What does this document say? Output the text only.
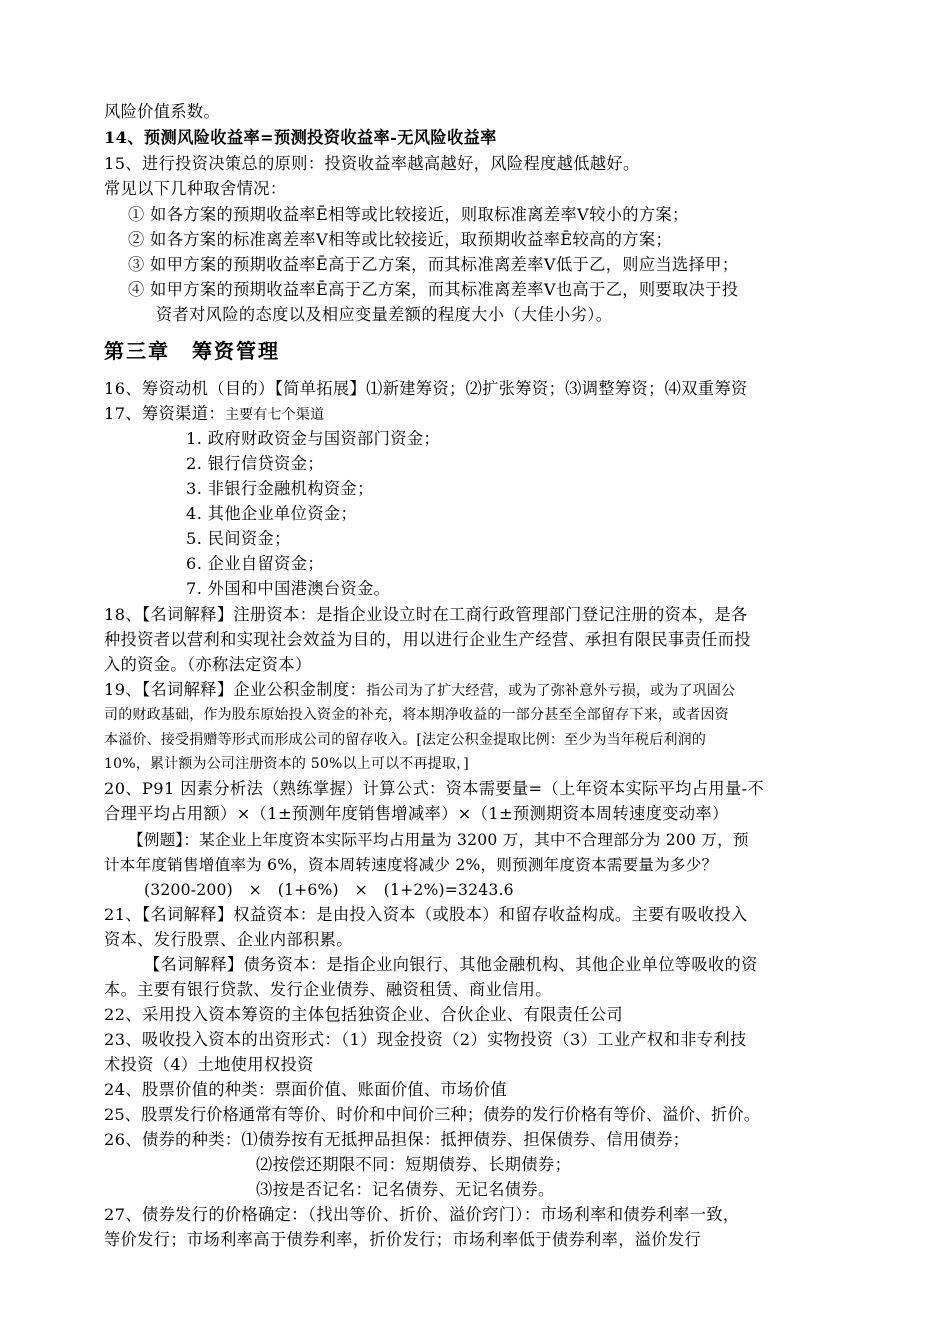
风险价值系数。
14、预测风险收益率=预测投资收益率-无风险收益率
15、进行投资决策总的原则：投资收益率越高越好，风险程度越低越好。
常见以下几种取舍情况：
① 如各方案的预期收益率Ē相等或比较接近，则取标准离差率V较小的方案；
② 如各方案的标准离差率V相等或比较接近，取预期收益率Ē较高的方案；
③ 如甲方案的预期收益率Ē高于乙方案，而其标准离差率V低于乙，则应当选择甲；
④ 如甲方案的预期收益率Ē高于乙方案，而其标准离差率V也高于乙，则要取决于投
资者对风险的态度以及相应变量差额的程度大小（大佳小劣）。
第三章　筹资管理
16、筹资动机（目的）【简单拓展】⑴新建筹资；⑵扩张筹资；⑶调整筹资；⑷双重筹资
17、筹资渠道：主要有七个渠道
1. 政府财政资金与国资部门资金；
2. 银行信贷资金；
3. 非银行金融机构资金；
4. 其他企业单位资金；
5. 民间资金；
6. 企业自留资金；
7. 外国和中国港澳台资金。
18、【名词解释】注册资本：是指企业设立时在工商行政管理部门登记注册的资本，是各
种投资者以营利和实现社会效益为目的，用以进行企业生产经营、承担有限民事责任而投
入的资金。（亦称法定资本）
19、【名词解释】企业公积金制度：指公司为了扩大经营，或为了弥补意外亏损，或为了巩固公
司的财政基础，作为股东原始投入资金的补充，将本期净收益的一部分甚至全部留存下来，或者因资
本溢价、接受捐赠等形式而形成公司的留存收入。[法定公积金提取比例：至少为当年税后利润的
10%，累计额为公司注册资本的 50%以上可以不再提取，]
20、P91 因素分析法（熟练掌握）计算公式：资本需要量=（上年资本实际平均占用量-不
合理平均占用额）×（1±预测年度销售增减率）×（1±预测期资本周转速度变动率）
【例题】：某企业上年度资本实际平均占用量为 3200 万，其中不合理部分为 200 万，预
计本年度销售增值率为 6%，资本周转速度将减少 2%，则预测年度资本需要量为多少？
(3200-200)　×　(1+6%)　×　(1+2%)=3243.6
21、【名词解释】权益资本：是由投入资本（或股本）和留存收益构成。主要有吸收投入
资本、发行股票、企业内部积累。
【名词解释】债务资本：是指企业向银行、其他金融机构、其他企业单位等吸收的资
本。主要有银行贷款、发行企业债券、融资租赁、商业信用。
22、采用投入资本筹资的主体包括独资企业、合伙企业、有限责任公司
23、吸收投入资本的出资形式：（1）现金投资（2）实物投资（3）工业产权和非专利技
术投资（4）土地使用权投资
24、股票价值的种类：票面价值、账面价值、市场价值
25、股票发行价格通常有等价、时价和中间价三种；债券的发行价格有等价、溢价、折价。
26、债券的种类：⑴债券按有无抵押品担保：抵押债券、担保债券、信用债券；
⑵按偿还期限不同：短期债券、长期债券；
⑶按是否记名：记名债券、无记名债券。
27、债券发行的价格确定：（找出等价、折价、溢价窍门）：市场利率和债券利率一致，
等价发行；市场利率高于债券利率，折价发行；市场利率低于债券利率，溢价发行
